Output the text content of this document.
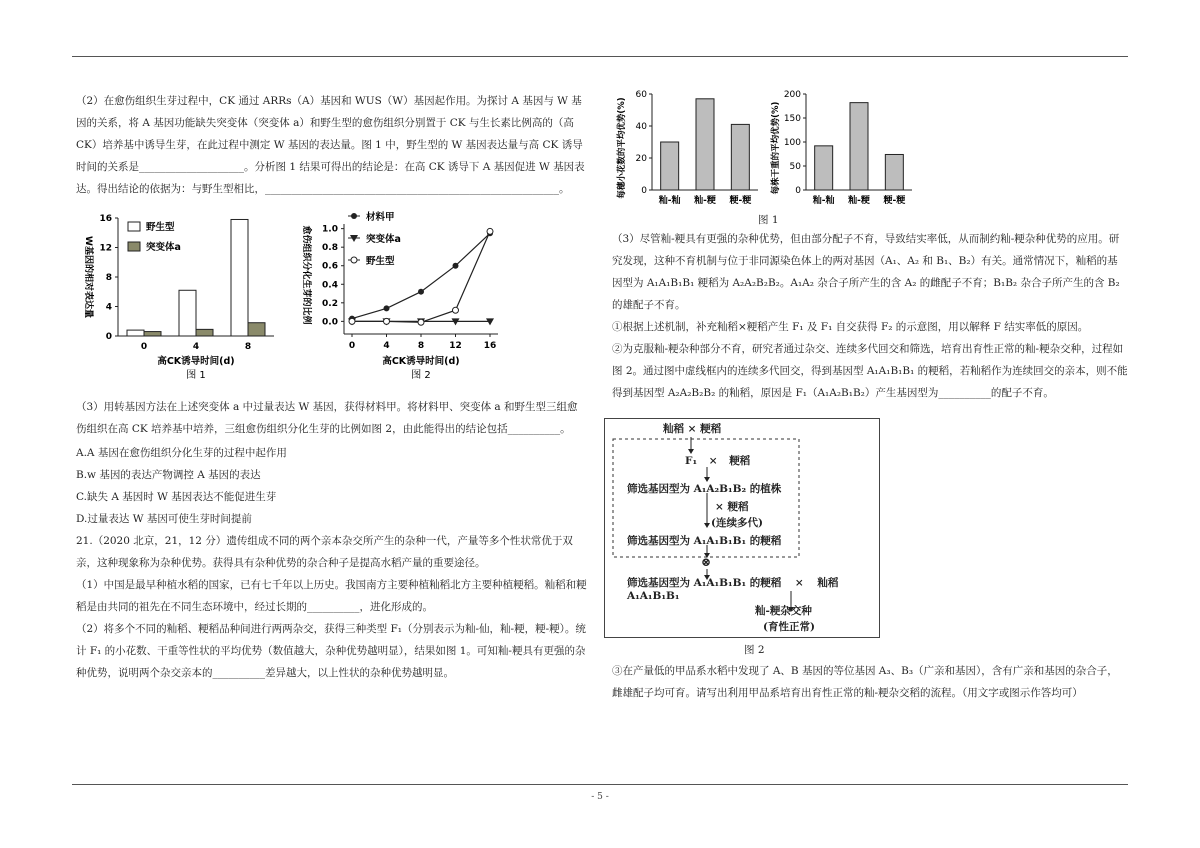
（2）在愈伤组织生芽过程中，CK 通过 ARRs（A）基因和 WUS（W）基因起作用。为探讨 A 基因与 W 基因的关系，将 A 基因功能缺失突变体（突变体 a）和野生型的愈伤组织分别置于 CK 与生长素比例高的（高 CK）培养基中诱导生芽，在此过程中测定 W 基因的表达量。图 1 中，野生型的 W 基因表达量与高 CK 诱导时间的关系是____________________。分析图 1 结果可得出的结论是：在高 CK 诱导下 A 基因促进 W 基因表达。得出结论的依据为：与野生型相比，________________________________________________________。

0
4
8
12
16
0	4	8
高CK诱导时间(d)
图 1
W基因的相对表达量
野生型
突变体a
0.0
0.2
0.4
0.6
0.8
1.0
0	4	8	12 16
材料甲
突变体a
野生型
高CK诱导时间(d)
图 2
愈伤组织分化生芽的比例

（3）用转基因方法在上述突变体 a 中过量表达 W 基因，获得材料甲。将材料甲、突变体 a 和野生型三组愈伤组织在高 CK 培养基中培养，三组愈伤组织分化生芽的比例如图 2，由此能得出的结论包括__________。

A.A 基因在愈伤组织分化生芽的过程中起作用

B.w 基因的表达产物调控 A 基因的表达

C.缺失 A 基因时 W 基因表达不能促进生芽

D.过量表达 W 基因可使生芽时间提前

21.（2020 北京，21，12 分）遗传组成不同的两个亲本杂交所产生的杂种一代，产量等多个性状常优于双亲，这种现象称为杂种优势。获得具有杂种优势的杂合种子是提高水稻产量的重要途径。

（1）中国是最早种植水稻的国家，已有七千年以上历史。我国南方主要种植籼稻北方主要种植粳稻。籼稻和粳稻是由共同的祖先在不同生态环境中，经过长期的__________，进化形成的。

（2）将多个不同的籼稻、粳稻品种间进行两两杂交，获得三种类型 F₁（分别表示为籼-仙，籼-粳，粳-粳）。统计 F₁ 的小花数、干重等性状的平均优势（数值越大，杂种优势越明显），结果如图 1。可知籼-粳具有更强的杂种优势，说明两个杂交亲本的__________差异越大，以上性状的杂种优势越明显。

0
20
40
60
籼-籼 籼-粳 粳-粳
每穗小花数的平均优势(%)	0
50
100
150
200
籼-籼 籼-粳 粳-粳
每株干重的平均优势(%)
图 1

（3）尽管籼-粳具有更强的杂种优势，但由部分配子不育，导致结实率低，从而制约籼-粳杂种优势的应用。研究发现，这种不育机制与位于非同源染色体上的两对基因（A₁、A₂ 和 B₁、B₂）有关。通常情况下，籼稻的基因型为 A₁A₁B₁B₁ 粳稻为 A₂A₂B₂B₂。A₁A₂ 杂合子所产生的含 A₂ 的雌配子不育；B₁B₂ 杂合子所产生的含 B₂ 的雄配子不育。

①根据上述机制，补充籼稻×粳稻产生 F₁ 及 F₁ 自交获得 F₂ 的示意图，用以解释 F 结实率低的原因。

②为克服籼-粳杂种部分不育，研究者通过杂交、连续多代回交和筛选，培育出育性正常的籼-粳杂交种，过程如图 2。通过图中虚线框内的连续多代回交，得到基因型 A₁A₁B₁B₁ 的粳稻，若籼稻作为连续回交的亲本，则不能得到基因型 A₂A₂B₂B₂ 的籼稻，原因是 F₁（A₁A₂B₁B₂）产生基因型为__________的配子不育。

籼稻 × 粳稻
F₁ × 粳稻
筛选基因型为 A₁A₂B₁B₂ 的植株
× 粳稻
(连续多代)
筛选基因型为 A₁A₁B₁B₁ 的粳稻
⊗
筛选基因型为 A₁A₁B₁B₁ 的粳稻 × 籼稻 A₁A₁B₁B₁
籼-粳杂交种
(育性正常)
图 2

③在产量低的甲品系水稻中发现了 A、B 基因的等位基因 A₃、B₃（广亲和基因），含有广亲和基因的杂合子，雌雄配子均可育。请写出利用甲品系培育出育性正常的籼-粳杂交稻的流程。（用文字或图示作答均可）

- 5 -
